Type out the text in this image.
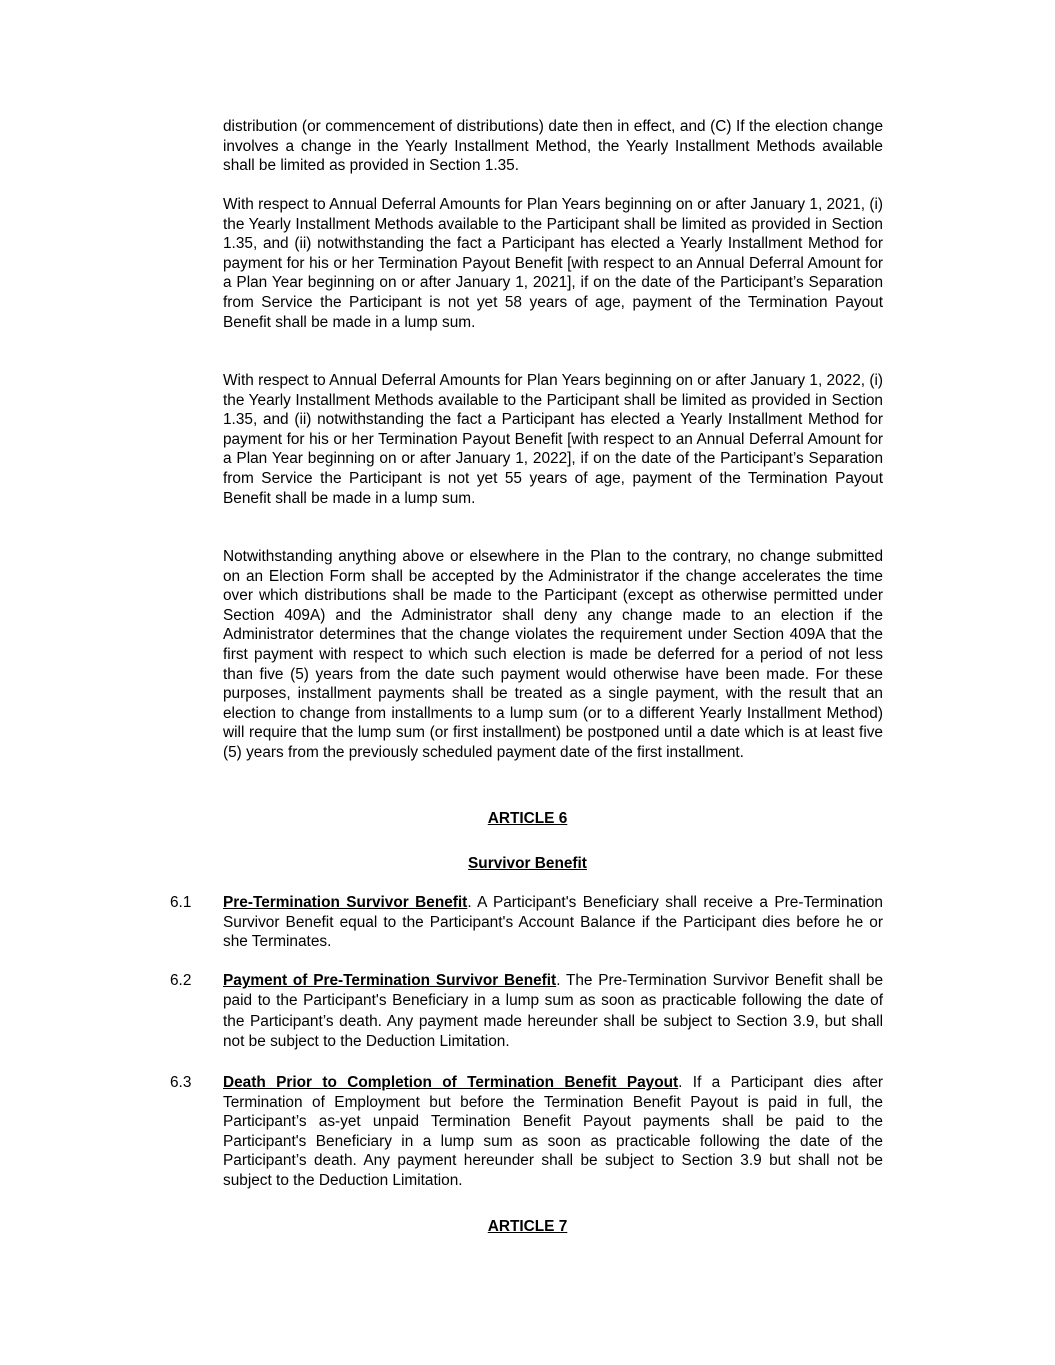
distribution (or commencement of distributions) date then in effect, and (C) If the election change involves a change in the Yearly Installment Method, the Yearly Installment Methods available shall be limited as provided in Section 1.35.

With respect to Annual Deferral Amounts for Plan Years beginning on or after January 1, 2021, (i) the Yearly Installment Methods available to the Participant shall be limited as provided in Section 1.35, and (ii) notwithstanding the fact a Participant has elected a Yearly Installment Method for payment for his or her Termination Payout Benefit [with respect to an Annual Deferral Amount for a Plan Year beginning on or after January 1, 2021], if on the date of the Participant’s Separation from Service the Participant is not yet 58 years of age, payment of the Termination Payout Benefit shall be made in a lump sum.

With respect to Annual Deferral Amounts for Plan Years beginning on or after January 1, 2022, (i) the Yearly Installment Methods available to the Participant shall be limited as provided in Section 1.35, and (ii) notwithstanding the fact a Participant has elected a Yearly Installment Method for payment for his or her Termination Payout Benefit [with respect to an Annual Deferral Amount for a Plan Year beginning on or after January 1, 2022], if on the date of the Participant’s Separation from Service the Participant is not yet 55 years of age, payment of the Termination Payout Benefit shall be made in a lump sum.

Notwithstanding anything above or elsewhere in the Plan to the contrary, no change submitted on an Election Form shall be accepted by the Administrator if the change accelerates the time over which distributions shall be made to the Participant (except as otherwise permitted under Section 409A) and the Administrator shall deny any change made to an election if the Administrator determines that the change violates the requirement under Section 409A that the first payment with respect to which such election is made be deferred for a period of not less than five (5) years from the date such payment would otherwise have been made. For these purposes, installment payments shall be treated as a single payment, with the result that an election to change from installments to a lump sum (or to a different Yearly Installment Method) will require that the lump sum (or first installment) be postponed until a date which is at least five (5) years from the previously scheduled payment date of the first installment.

ARTICLE 6

Survivor Benefit

6.1 Pre-Termination Survivor Benefit. A Participant's Beneficiary shall receive a Pre-Termination Survivor Benefit equal to the Participant's Account Balance if the Participant dies before he or she Terminates.

6.2 Payment of Pre-Termination Survivor Benefit. The Pre-Termination Survivor Benefit shall be paid to the Participant's Beneficiary in a lump sum as soon as practicable following the date of the Participant’s death. Any payment made hereunder shall be subject to Section 3.9, but shall not be subject to the Deduction Limitation.

6.3 Death Prior to Completion of Termination Benefit Payout. If a Participant dies after Termination of Employment but before the Termination Benefit Payout is paid in full, the Participant’s as-yet unpaid Termination Benefit Payout payments shall be paid to the Participant's Beneficiary in a lump sum as soon as practicable following the date of the Participant’s death. Any payment hereunder shall be subject to Section 3.9 but shall not be subject to the Deduction Limitation.

ARTICLE 7
